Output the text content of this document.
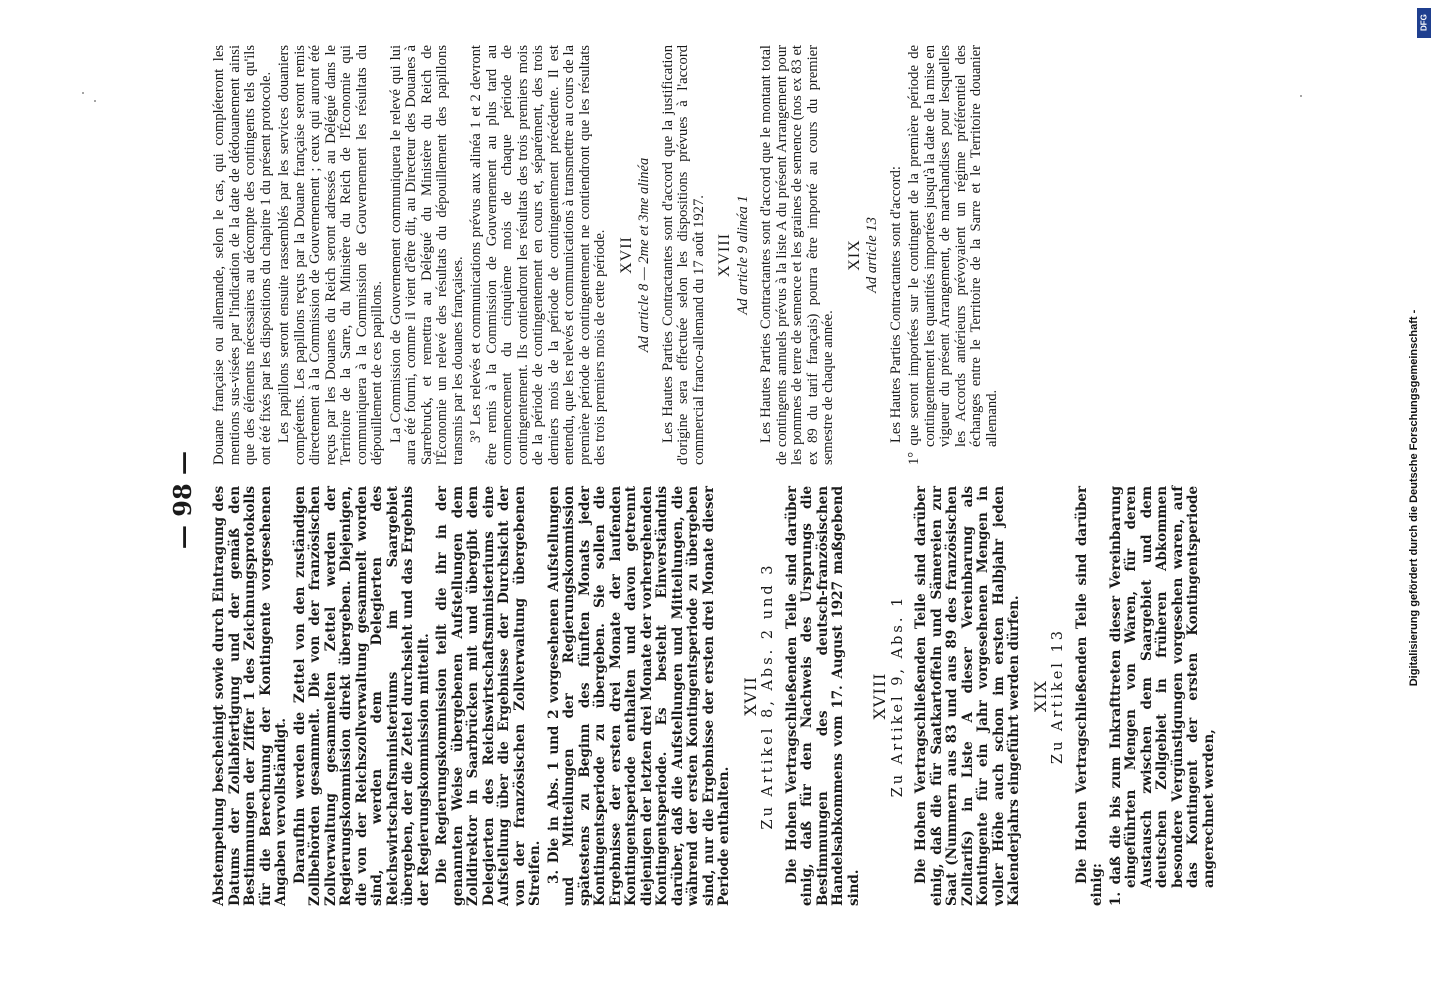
— 98 — Abstempelung bescheinigt sowie durch Eintragung des Datums der Zollabfertigung und der gemäß den Bestimmungen der Ziffer 1 des Zeichnungsprotokolls für die Berechnung der Kontingente vorgesehenen Angaben vervollständigt. Daraufhin werden die Zettel von den zuständigen Zollbehörden gesammelt. Die von der französischen Zollverwaltung gesammelten Zettel werden der Regierungskommission direkt übergeben. Diejenigen, die von der Reichszollverwaltung gesammelt worden sind, werden dem Delegierten des Reichswirtschaftsministeriums im Saargebiet übergeben, der die Zettel durchsieht und das Ergebnis der Regierungskommission mitteilt. Die Regierungskommission teilt die ihr in der genannten Weise übergebenen Aufstellungen dem Zolldirektor in Saarbrücken mit und übergibt dem Delegierten des Reichswirtschaftsministeriums eine Aufstellung über die Ergebnisse der Durchsicht der von der französischen Zollverwaltung übergebenen Streifen. 3. Die in Abs. 1 und 2 vorgesehenen Aufstellungen und Mitteilungen der Regierungskommission spätestens zu Beginn des fünften Monats jeder Kontingentsperiode zu übergeben. Sie sollen die Ergebnisse der ersten drei Monate der laufenden Kontingentsperiode enthalten und davon getrennt diejenigen der letzten drei Monate der vorhergehenden Kontingentsperiode. Es besteht Einverständnis darüber, daß die Aufstellungen und Mitteilungen, die während der ersten Kontingentsperiode zu übergeben sind, nur die Ergebnisse der ersten drei Monate dieser Periode enthalten.

XVII Zu Artikel 8, Abs. 2 und 3 Die Hohen Vertragschließenden Teile sind darüber einig, daß für den Nachweis des Ursprungs die Bestimmungen des deutsch-französischen Handelsabkommens vom 17. August 1927 maßgebend sind.

XVIII Zu Artikel 9, Abs. 1 Die Hohen Vertragschließenden Teile sind darüber einig, daß die für Saatkartoffeln und Sämereien zur Saat (Nummern aus 83 und aus 89 des französischen Zolltarifs) in Liste A dieser Vereinbarung als Kontingente für ein Jahr vorgesehenen Mengen in voller Höhe auch schon im ersten Halbjahr jeden Kalenderjahrs eingeführt werden dürfen. XIX Zu Artikel 13 Die Hohen Vertragschließenden Teile sind darüber einig: 1. daß die bis zum Inkrafttreten dieser Vereinbarung eingeführten Mengen von Waren, für deren Austausch zwischen dem Saargebiet und dem deutschen Zollgebiet in früheren Abkommen besondere Vergünstigungen vorgesehen waren, auf das Kontingent der ersten Kontingentsperiode angerechnet werden,

Douane française ou allemande, selon le cas, qui compléteront les mentions sus-visées par l'indication de la date de dédouanement ainsi que des éléments nécessaires au décompte des contingents tels qu'ils ont été fixés par les dispositions du chapitre 1 du présent protocole. Les papillons seront ensuite rassemblés par les services douaniers compétents. Les papillons reçus par la Douane française seront remis directement à la Commission de Gouvernement ; ceux qui auront été reçus par les Douanes du Reich seront adressés au Délégué dans le Territoire de la Sarre, du Ministère du Reich de l'Économie qui communiquera à la Commission de Gouvernement les résultats du dépouillement de ces papillons. La Commission de Gouvernement communiquera le relevé qui lui aura été fourni, comme il vient d'être dit, au Directeur des Douanes à Sarrebruck, et remettra au Délégué du Ministère du Reich de l'Économie un relevé des résultats du dépouillement des papillons transmis par les douanes françaises. 3° Les relevés et communications prévus aux alinéa 1 et 2 devront être remis à la Commission de Gouvernement au plus tard au commencement du cinquième mois de chaque période de contingentement. Ils contiendront les résultats des trois premiers mois de la période de contingentement en cours et, séparément, des trois derniers mois de la période de contingentement précédente. Il est entendu, que les relevés et communications à transmettre au cours de la première période de contingentement ne contiendront que les résultats des trois premiers mois de cette période. XVII Ad article 8 — 2me et 3me alinéa Les Hautes Parties Contractantes sont d'accord que la justification d'origine sera effectuée selon les dispositions prévues à l'accord commercial franco-allemand du 17 août 1927. XVIII Ad article 9 alinéa 1 Les Hautes Parties Contractantes sont d'accord que le montant total de contingents annuels prévus à la liste A du présent Arrangement pour les pommes de terre de semence et les graines de semence (nos ex 83 et ex 89 du tarif français) pourra être importé au cours du premier semestre de chaque année.

XIX Ad article 13 Les Hautes Parties Contractantes sont d'accord: 1° que seront importées sur le contingent de la première période de contingentement les quantités importées jusqu'à la date de la mise en vigueur du présent Arrangement, de marchandises pour lesquelles les Accords antérieurs prévoyaient un régime préférentiel des échanges entre le Territoire de la Sarre et le Territoire douanier allemand.	Digitalisierung gefördert durch die Deutsche Forschungsgemeinschaft -
DFG
